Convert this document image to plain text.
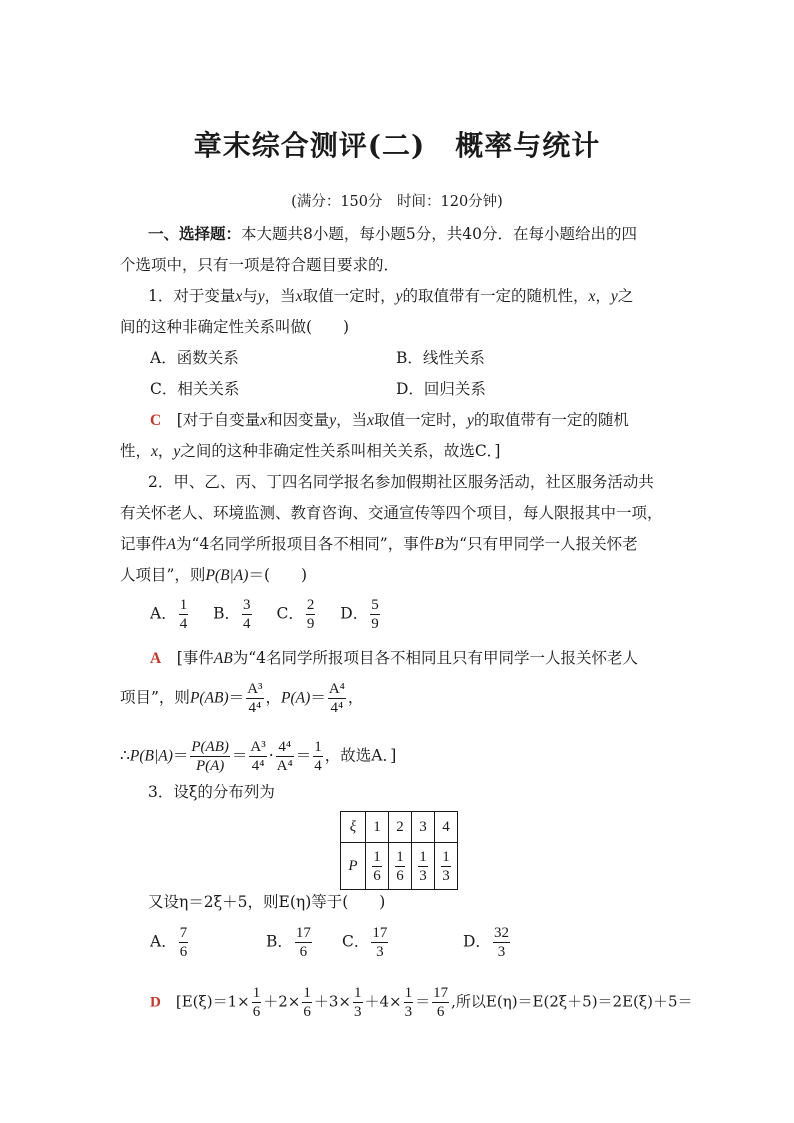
章末综合测评(二) 概率与统计
(满分：150分　时间：120分钟)
一、选择题：本大题共8小题，每小题5分，共40分．在每小题给出的四
个选项中，只有一项是符合题目要求的．
1．对于变量x与y，当x取值一定时，y的取值带有一定的随机性，x，y之
间的这种非确定性关系叫做(　　)
A．函数关系	B．线性关系
C．相关关系	D．回归关系
C　 [对于自变量x和因变量y，当x取值一定时，y的取值带有一定的随机
性，x，y之间的这种非确定性关系叫相关关系，故选C．]
2．甲、乙、丙、丁四名同学报名参加假期社区服务活动，社区服务活动共
有关怀老人、环境监测、教育咨询、交通宣传等四个项目，每人限报其中一项，
记事件A为“4名同学所报项目各不相同”，事件B为“只有甲同学一人报关怀老
人项目”，则P(B|A)＝(　　)
A． $\frac{1}{4}$ B． $\frac{3}{4}$ C． $\frac{2}{9}$ D． $\frac{5}{9}$
A　 [事件AB为“4名同学所报项目各不相同且只有甲同学一人报关怀老人
项目”，则$P(AB)= \frac{\text{A³}}{\text{4⁴}}$ ，$P(A)= \frac{\text{A⁴}}{\text{4⁴}}$ ，
∴P(B|A)＝ $\frac{P(AB)}{P(A)} = \frac{\text{A³}}{\text{4⁴}} \cdot \frac{\text{4⁴}}{\text{A⁴}} = \frac{1}{4}$ ，故选A．]
3．设ξ的分布列为
ξ	1	2	3	4
P	$\frac{1}{6}$	$\frac{1}{6}$	$\frac{1}{3}$	$\frac{1}{3}$
又设η＝2ξ＋5，则E(η)等于(　　)
A． $\frac{7}{6}$	B． $\frac{17}{6}$ C． $\frac{17}{3}$	D． $\frac{32}{3}$
D　 [$E(\xi)=1\times \frac{1}{6} +2\times \frac{1}{6} +3\times \frac{1}{3} +4\times \frac{1}{3} = \frac{17}{6}$ ,所以E(η)＝E(2ξ＋5)＝2E(ξ)＋5＝
